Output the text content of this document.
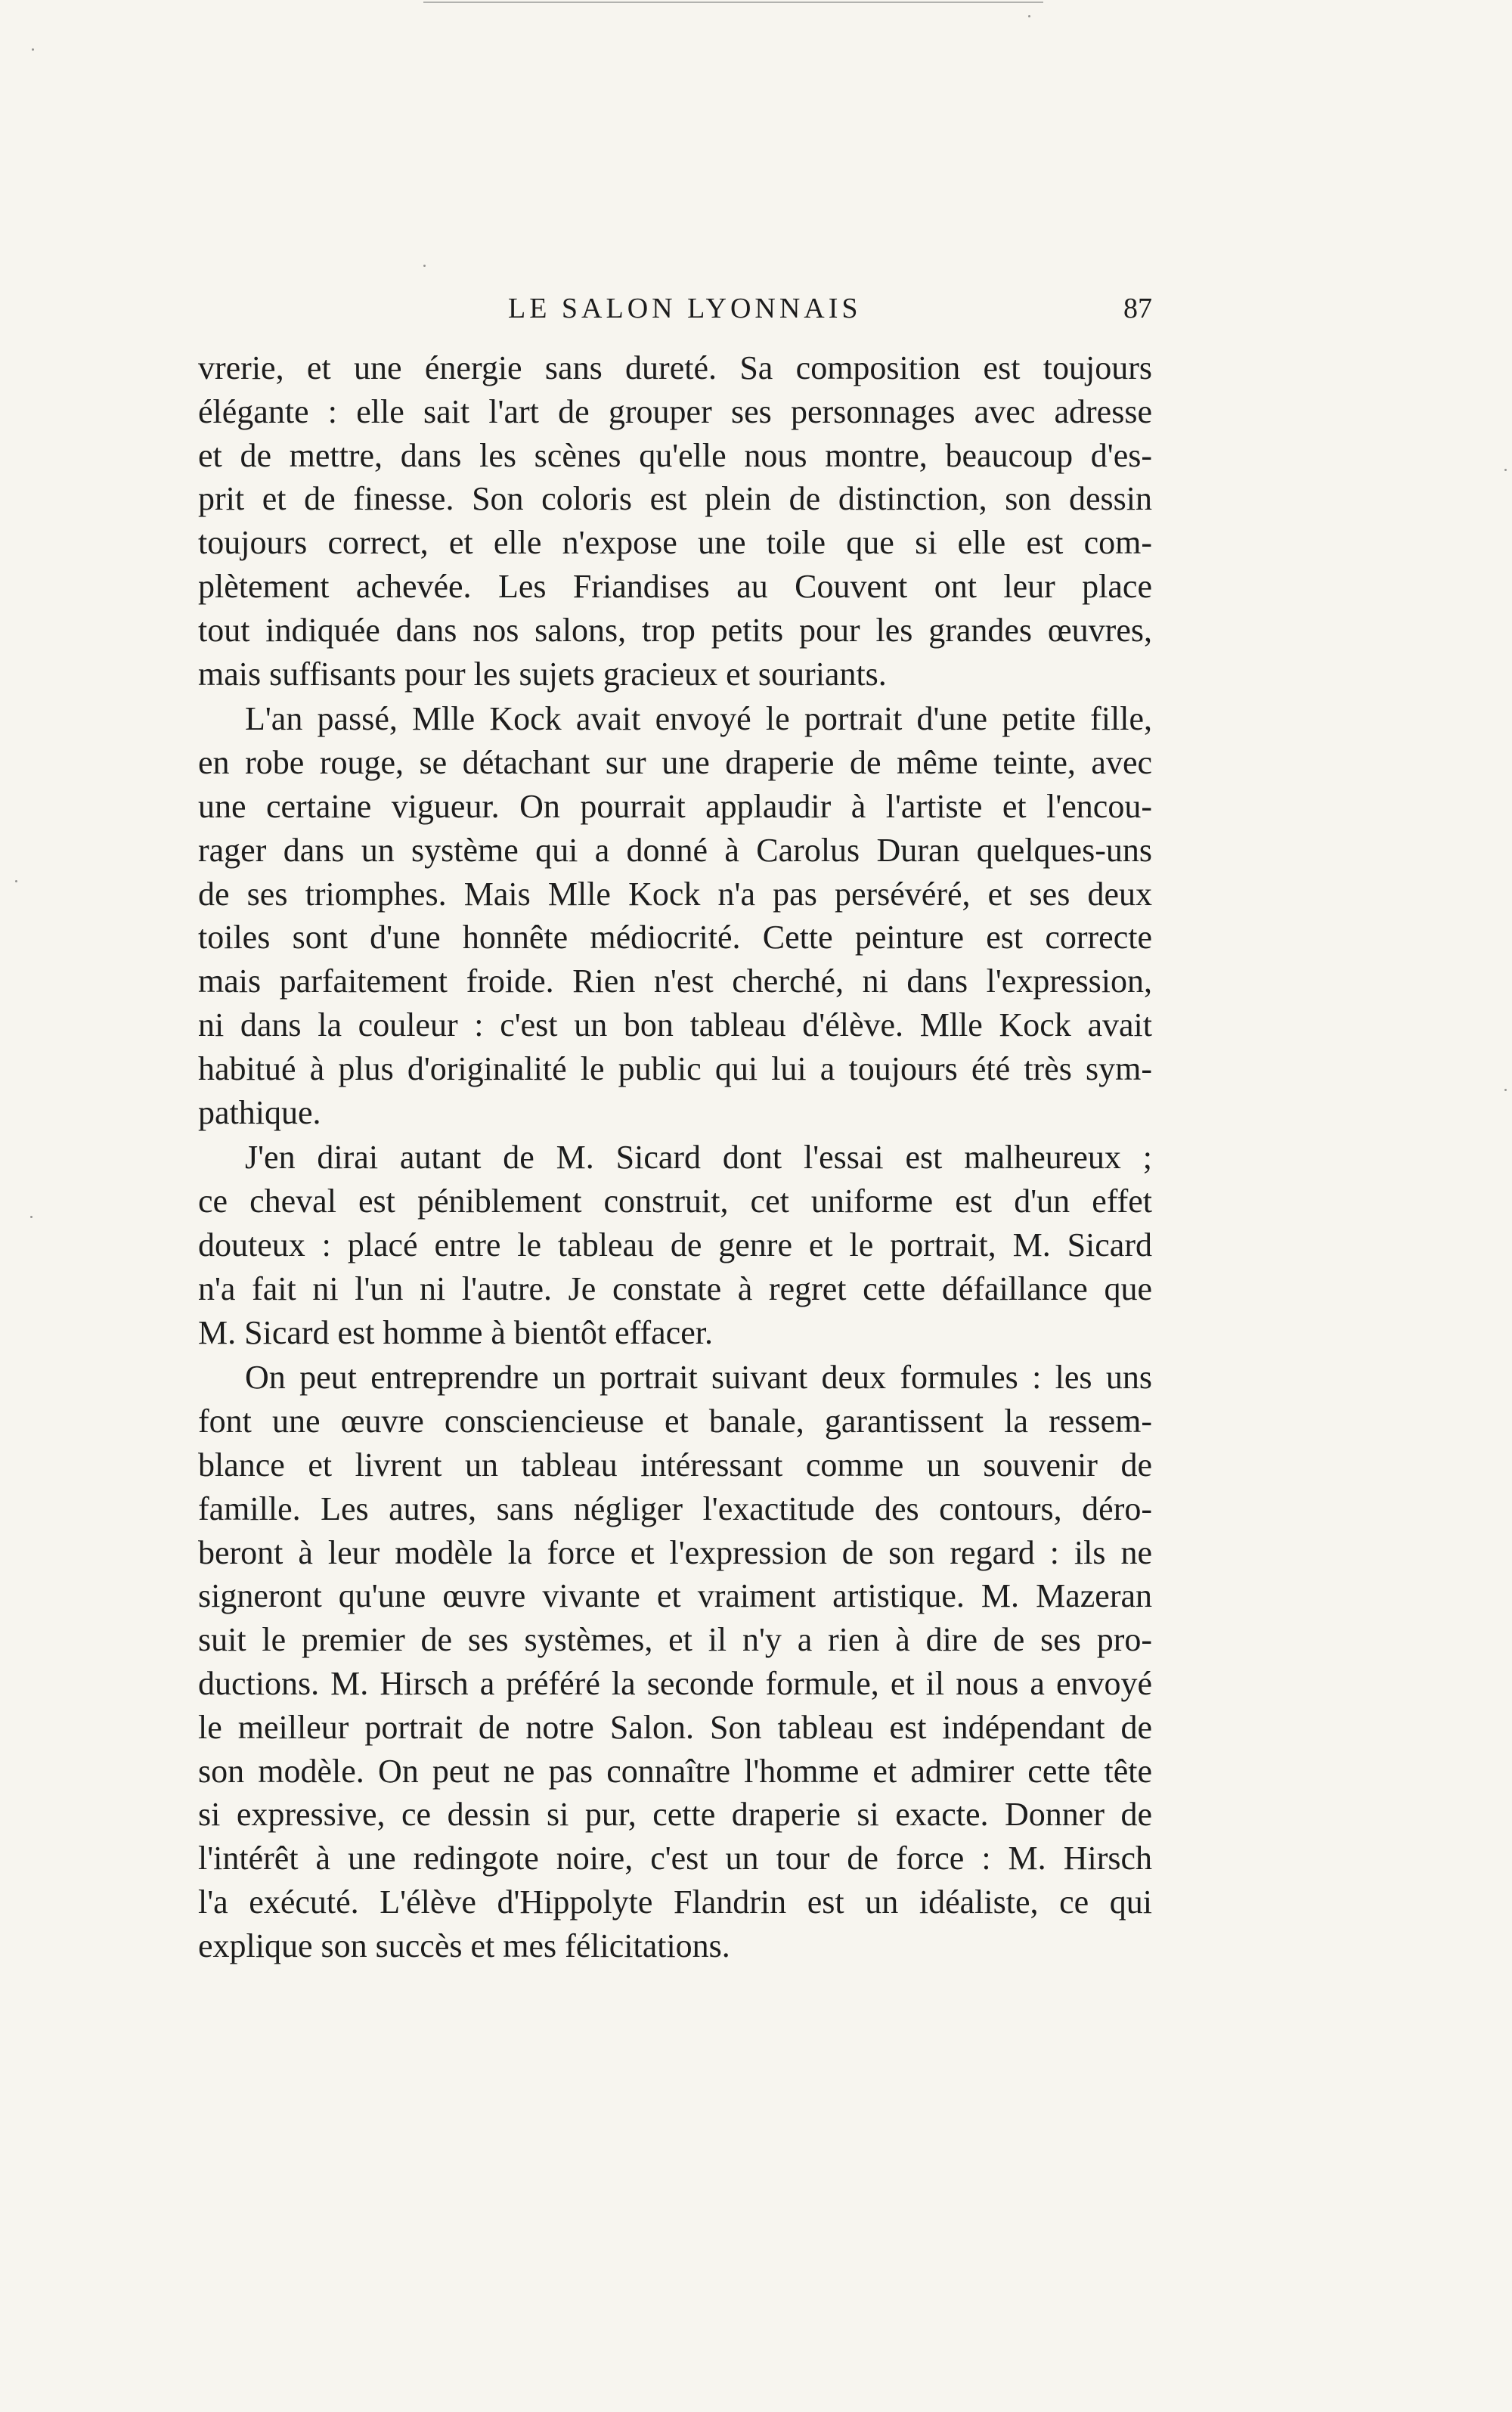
LE SALON LYONNAIS	87
vrerie, et une énergie sans dureté. Sa composition est toujours
élégante : elle sait l'art de grouper ses personnages avec adresse
et de mettre, dans les scènes qu'elle nous montre, beaucoup d'es-
prit et de finesse. Son coloris est plein de distinction, son dessin
toujours correct, et elle n'expose une toile que si elle est com-
plètement achevée. Les Friandises au Couvent ont leur place
tout indiquée dans nos salons, trop petits pour les grandes œuvres,
mais suffisants pour les sujets gracieux et souriants.
L'an passé, Mlle Kock avait envoyé le portrait d'une petite fille,
en robe rouge, se détachant sur une draperie de même teinte, avec
une certaine vigueur. On pourrait applaudir à l'artiste et l'encou-
rager dans un système qui a donné à Carolus Duran quelques-uns
de ses triomphes. Mais Mlle Kock n'a pas persévéré, et ses deux
toiles sont d'une honnête médiocrité. Cette peinture est correcte
mais parfaitement froide. Rien n'est cherché, ni dans l'expression,
ni dans la couleur : c'est un bon tableau d'élève. Mlle Kock avait
habitué à plus d'originalité le public qui lui a toujours été très sym-
pathique.
J'en dirai autant de M. Sicard dont l'essai est malheureux ;
ce cheval est péniblement construit, cet uniforme est d'un effet
douteux : placé entre le tableau de genre et le portrait, M. Sicard
n'a fait ni l'un ni l'autre. Je constate à regret cette défaillance que
M. Sicard est homme à bientôt effacer.
On peut entreprendre un portrait suivant deux formules : les uns
font une œuvre consciencieuse et banale, garantissent la ressem-
blance et livrent un tableau intéressant comme un souvenir de
famille. Les autres, sans négliger l'exactitude des contours, déro-
beront à leur modèle la force et l'expression de son regard : ils ne
signeront qu'une œuvre vivante et vraiment artistique. M. Mazeran
suit le premier de ses systèmes, et il n'y a rien à dire de ses pro-
ductions. M. Hirsch a préféré la seconde formule, et il nous a envoyé
le meilleur portrait de notre Salon. Son tableau est indépendant de
son modèle. On peut ne pas connaître l'homme et admirer cette tête
si expressive, ce dessin si pur, cette draperie si exacte. Donner de
l'intérêt à une redingote noire, c'est un tour de force : M. Hirsch
l'a exécuté. L'élève d'Hippolyte Flandrin est un idéaliste, ce qui
explique son succès et mes félicitations.
